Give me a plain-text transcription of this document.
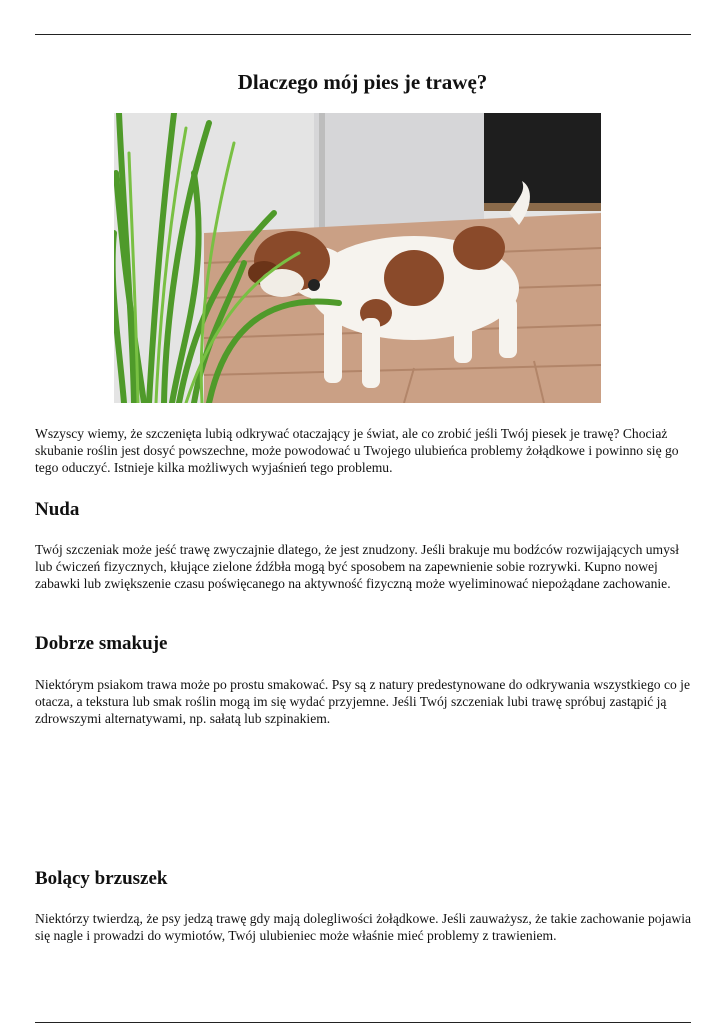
Dlaczego mój pies je trawę?

Wszyscy wiemy, że szczenięta lubią odkrywać otaczający je świat, ale co zrobić jeśli Twój piesek je trawę? Chociaż skubanie roślin jest dosyć powszechne, może powodować u Twojego ulubieńca problemy żołądkowe i powinno się go tego oduczyć. Istnieje kilka możliwych wyjaśnień tego problemu.

Nuda

Twój szczeniak może jeść trawę zwyczajnie dlatego, że jest znudzony. Jeśli brakuje mu bodźców rozwijających umysł lub ćwiczeń fizycznych, kłujące zielone źdźbła mogą być sposobem na zapewnienie sobie rozrywki. Kupno nowej zabawki lub zwiększenie czasu poświęcanego na aktywność fizyczną może wyeliminować niepożądane zachowanie.

Dobrze smakuje

Niektórym psiakom trawa może po prostu smakować. Psy są z natury predestynowane do odkrywania wszystkiego co je otacza, a tekstura lub smak roślin mogą im się wydać przyjemne. Jeśli Twój szczeniak lubi trawę spróbuj zastąpić ją zdrowszymi alternatywami, np. sałatą lub szpinakiem.

Bolący brzuszek

Niektórzy twierdzą, że psy jedzą trawę gdy mają dolegliwości żołądkowe. Jeśli zauważysz, że takie zachowanie pojawia się nagle i prowadzi do wymiotów, Twój ulubieniec może właśnie mieć problemy z trawieniem.
